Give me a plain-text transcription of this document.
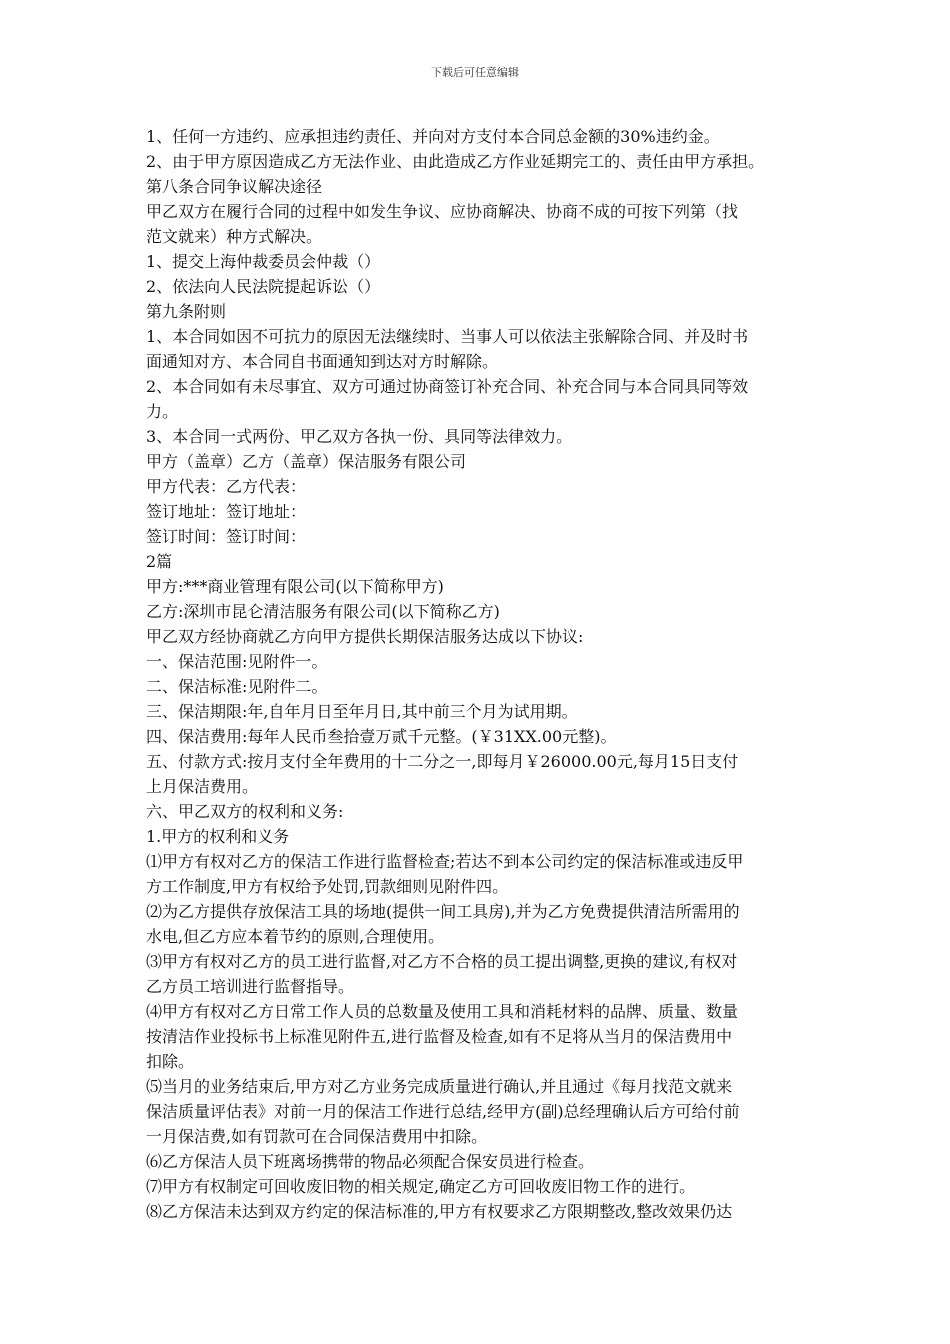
下载后可任意编辑
1、任何一方违约、应承担违约责任、并向对方支付本合同总金额的30%违约金。
2、由于甲方原因造成乙方无法作业、由此造成乙方作业延期完工的、责任由甲方承担。
第八条合同争议解决途径
甲乙双方在履行合同的过程中如发生争议、应协商解决、协商不成的可按下列第（找
范文就来）种方式解决。
1、提交上海仲裁委员会仲裁（）
2、依法向人民法院提起诉讼（）
第九条附则
1、本合同如因不可抗力的原因无法继续时、当事人可以依法主张解除合同、并及时书
面通知对方、本合同自书面通知到达对方时解除。
2、本合同如有未尽事宜、双方可通过协商签订补充合同、补充合同与本合同具同等效
力。
3、本合同一式两份、甲乙双方各执一份、具同等法律效力。
甲方（盖章）乙方（盖章）保洁服务有限公司
甲方代表：乙方代表：
签订地址：签订地址：
签订时间：签订时间：
2篇
甲方:***商业管理有限公司(以下简称甲方)
乙方:深圳市昆仑清洁服务有限公司(以下简称乙方)
甲乙双方经协商就乙方向甲方提供长期保洁服务达成以下协议:
一、保洁范围:见附件一。
二、保洁标准:见附件二。
三、保洁期限:年,自年月日至年月日,其中前三个月为试用期。
四、保洁费用:每年人民币叁拾壹万贰千元整。(￥31XX.00元整)。
五、付款方式:按月支付全年费用的十二分之一,即每月￥26000.00元,每月15日支付
上月保洁费用。
六、甲乙双方的权利和义务:
1.甲方的权利和义务
⑴甲方有权对乙方的保洁工作进行监督检查;若达不到本公司约定的保洁标准或违反甲
方工作制度,甲方有权给予处罚,罚款细则见附件四。
⑵为乙方提供存放保洁工具的场地(提供一间工具房),并为乙方免费提供清洁所需用的
水电,但乙方应本着节约的原则,合理使用。
⑶甲方有权对乙方的员工进行监督,对乙方不合格的员工提出调整,更换的建议,有权对
乙方员工培训进行监督指导。
⑷甲方有权对乙方日常工作人员的总数量及使用工具和消耗材料的品牌、质量、数量
按清洁作业投标书上标准见附件五,进行监督及检查,如有不足将从当月的保洁费用中
扣除。
⑸当月的业务结束后,甲方对乙方业务完成质量进行确认,并且通过《每月找范文就来
保洁质量评估表》对前一月的保洁工作进行总结,经甲方(副)总经理确认后方可给付前
一月保洁费,如有罚款可在合同保洁费用中扣除。
⑹乙方保洁人员下班离场携带的物品必须配合保安员进行检查。
⑺甲方有权制定可回收废旧物的相关规定,确定乙方可回收废旧物工作的进行。
⑻乙方保洁未达到双方约定的保洁标准的,甲方有权要求乙方限期整改,整改效果仍达
